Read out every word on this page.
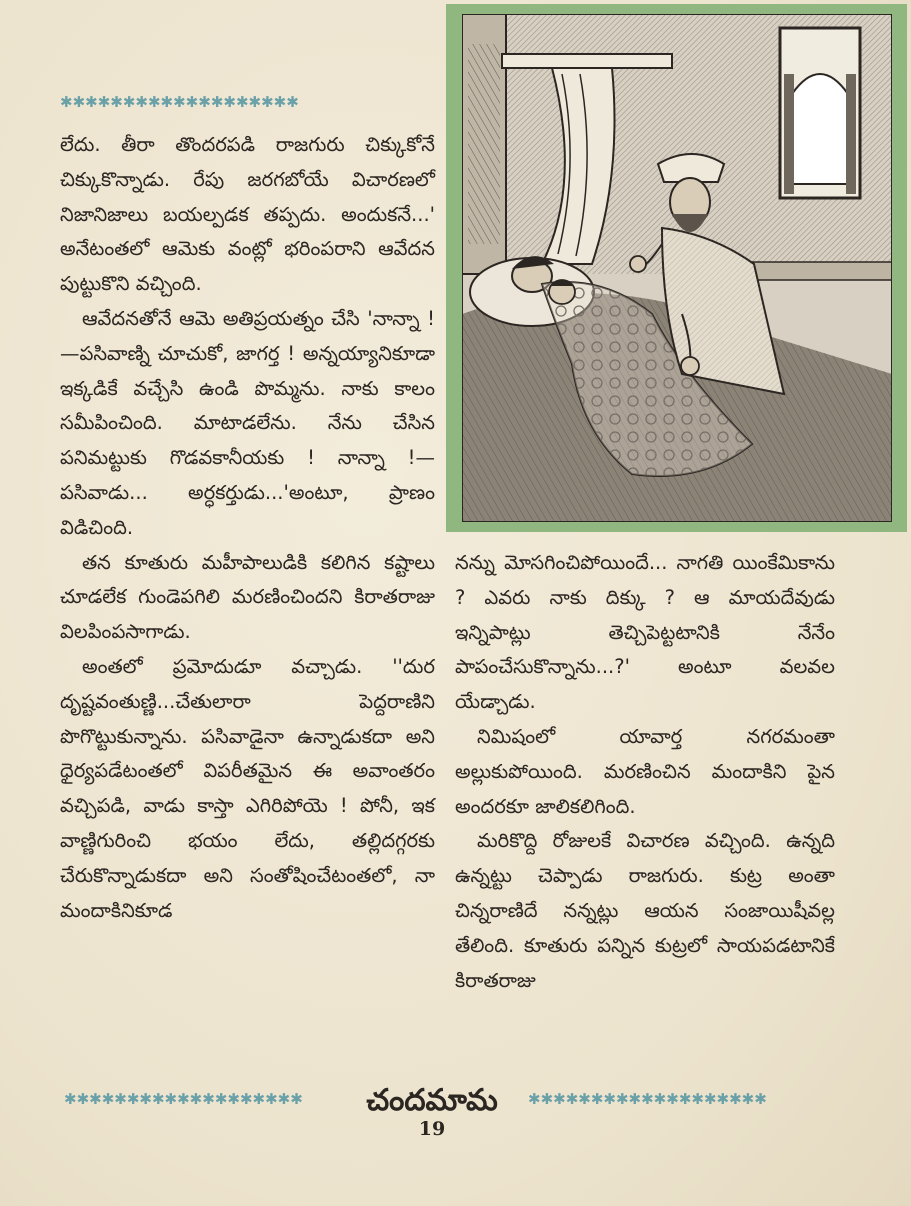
✱✱✱✱✱✱✱✱✱✱✱✱✱✱✱✱✱✱✱

లేదు. తీరా తొందరపడి రాజగురు చిక్కుకోనే చిక్కుకొన్నాడు. రేపు జరగబోయే విచారణలో నిజానిజాలు బయల్పడక తప్పదు. అందుకనే...' అనేటంతలో ఆమెకు వంట్లో భరింపరాని ఆవేదన పుట్టుకొని వచ్చింది.

ఆవేదనతోనే ఆమె అతిప్రయత్నం చేసి 'నాన్నా !—పసివాణ్ని చూచుకో, జాగర్త ! అన్నయ్యానికూడా ఇక్కడికే వచ్చేసి ఉండి పొమ్మను. నాకు కాలం సమీపించింది. మాటాడలేను. నేను చేసిన పనిమట్టుకు గొడవకానీయకు ! నాన్నా !—పసివాడు... అర్ధకర్తుడు...'అంటూ, ప్రాణం విడిచింది.

తన కూతురు మహీపాలుడికి కలిగిన కష్టాలు చూడలేక గుండెపగిలి మరణించిందని కిరాతరాజు విలపింపసాగాడు.

అంతలో ప్రమోదుడూ వచ్చాడు. ''దుర దృష్టవంతుణ్ణి...చేతులారా పెద్దరాణిని పొగొట్టుకున్నాను. పసివాడైనా ఉన్నాడుకదా అని ధైర్యపడేటంతలో విపరీతమైన ఈ అవాంతరం వచ్చిపడి, వాడు కాస్తా ఎగిరిపోయె ! పోనీ, ఇక వాణ్ణిగురించి భయం లేదు, తల్లిదగ్గరకు చేరుకొన్నాడుకదా అని సంతోషించేటంతలో, నా మందాకినికూడ

నన్ను మోసగించిపోయిందే... నాగతి యింకేమికాను ? ఎవరు నాకు దిక్కు ? ఆ మాయదేవుడు ఇన్నిపాట్లు తెచ్చిపెట్టటానికి నేనేం పాపంచేసుకొన్నాను...?' అంటూ వలవల యేడ్చాడు.

నిమిషంలో యావార్త నగరమంతా అల్లుకుపోయింది. మరణించిన మందాకిని పైన అందరకూ జాలికలిగింది.

మరికొద్ది రోజులకే విచారణ వచ్చింది. ఉన్నది ఉన్నట్టు చెప్పాడు రాజగురు. కుట్ర అంతా చిన్నరాణిదే నన్నట్లు ఆయన సంజాయిషీవల్ల తేలింది. కూతురు పన్నిన కుట్రలో సాయపడటానికే కిరాతరాజు

✱✱✱✱✱✱✱✱✱✱✱✱✱✱✱✱✱✱✱	చందమామ	✱✱✱✱✱✱✱✱✱✱✱✱✱✱✱✱✱✱✱
19
